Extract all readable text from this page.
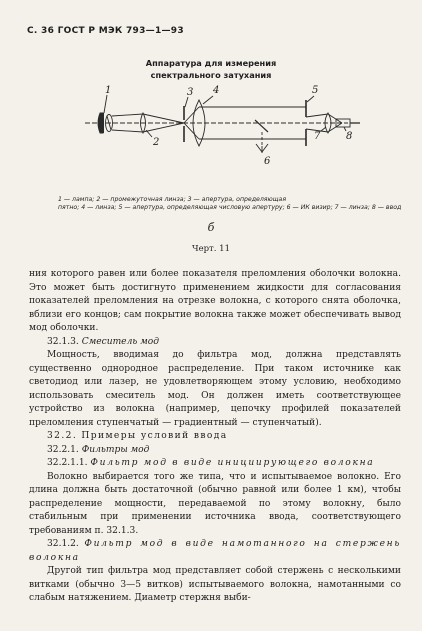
С. 36 ГОСТ Р МЭК 793—1—93
Аппаратура для измерения
спектрального затухания
1
2
3 4	5
6
7	8
1 — лампа; 2 — промежуточная линза; 3 — апертура, определяющая
пятно; 4 — линза; 5 — апертура, определяющая числовую апертуру; 6 — ИК визир; 7 — линза; 8 — ввод
б
Черт. 11

ния которого равен или более показателя преломления оболочки волокна. Это может быть достигнуто применением жидкости для согласования показателей преломления на отрезке волокна, с которого снята оболочка, вблизи его концов; сам покрытие волокна также может обеспечивать вывод мод оболочки.

32.1.3. Смеситель мод

Мощность, вводимая до фильтра мод, должна представлять существенно однородное распределение. При таком источнике как светодиод или лазер, не удовлетворяющем этому условию, необходимо использовать смеситель мод. Он должен иметь соответствующее устройство из волокна (например, цепочку профилей показателей преломления ступенчатый — градиентный — ступенчатый).

32.2. Примеры условий ввода

32.2.1. Фильтры мод

32.2.1.1. Фильтр мод в виде инициирующего волокна

Волокно выбирается того же типа, что и испытываемое волокно. Его длина должна быть достаточной (обычно равной или более 1 км), чтобы распределение мощности, передаваемой по этому волокну, было стабильным при применении источника ввода, соответствующего требованиям п. 32.1.3.

32.1.2. Фильтр мод в виде намотанного на стержень волокна

Другой тип фильтра мод представляет собой стержень с несколькими витками (обычно 3—5 витков) испытываемого волокна, намотанными со слабым натяжением. Диаметр стержня выби-
